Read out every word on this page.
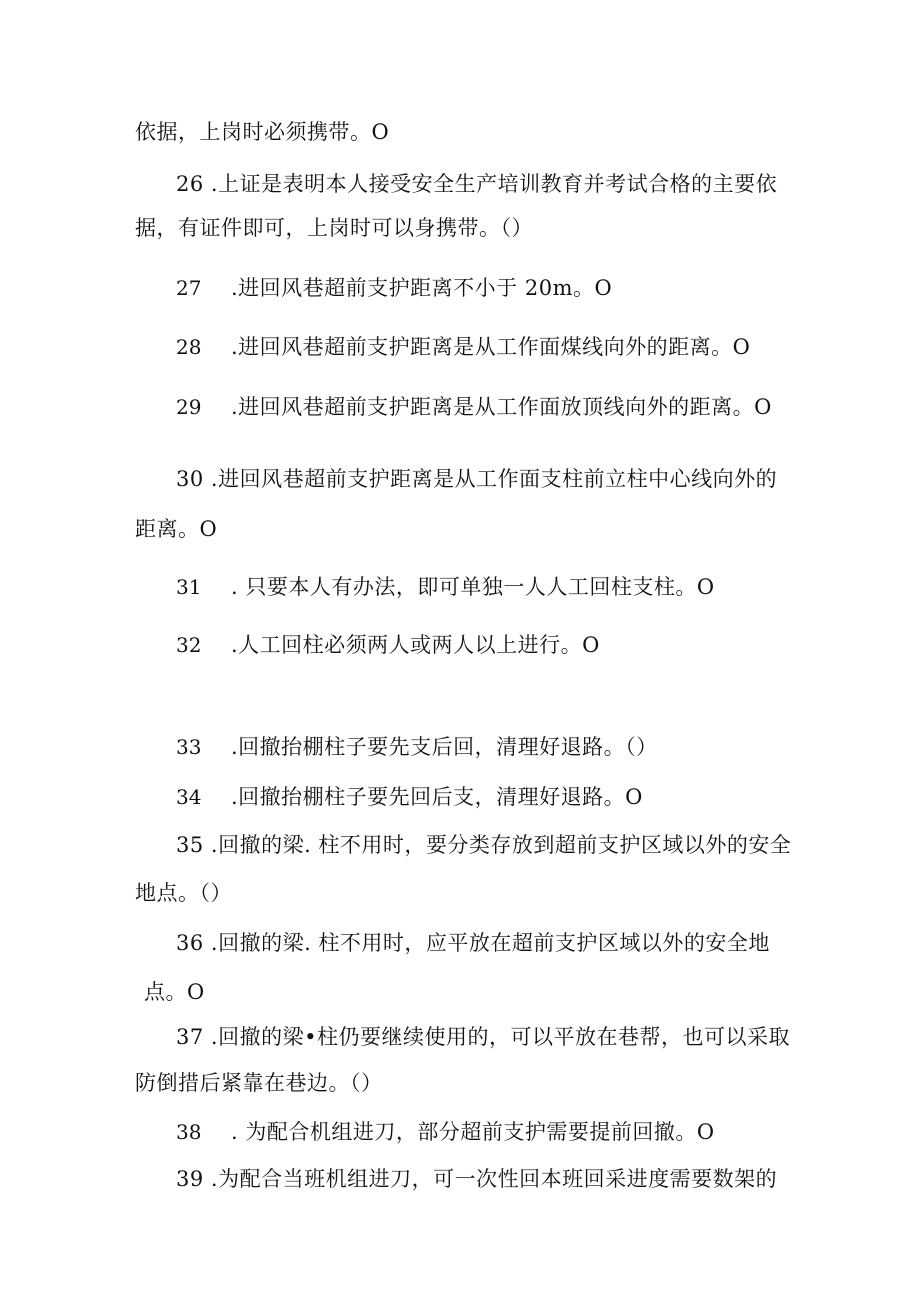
依据，上岗时必须携带。O
26 .上证是表明本人接受安全生产培训教育并考试合格的主要依
据，有证件即可，上岗时可以身携带。（）
27 .进回风巷超前支护距离不小于 20m。O
28 .进回风巷超前支护距离是从工作面煤线向外的距离。O
29 .进回风巷超前支护距离是从工作面放顶线向外的距离。O
30 .进回风巷超前支护距离是从工作面支柱前立柱中心线向外的
距离。O
31 . 只要本人有办法，即可单独一人人工回柱支柱。O
32 .人工回柱必须两人或两人以上进行。O
33 .回撤抬棚柱子要先支后回，清理好退路。（）
34 .回撤抬棚柱子要先回后支，清理好退路。O
35 .回撤的梁. 柱不用时，要分类存放到超前支护区域以外的安全
地点。（）
36 .回撤的梁. 柱不用时，应平放在超前支护区域以外的安全地
点。O
37 .回撤的梁•柱仍要继续使用的，可以平放在巷帮，也可以采取
防倒措后紧靠在巷边。（）
38 . 为配合机组进刀，部分超前支护需要提前回撤。O
39 .为配合当班机组进刀，可一次性回本班回采进度需要数架的
